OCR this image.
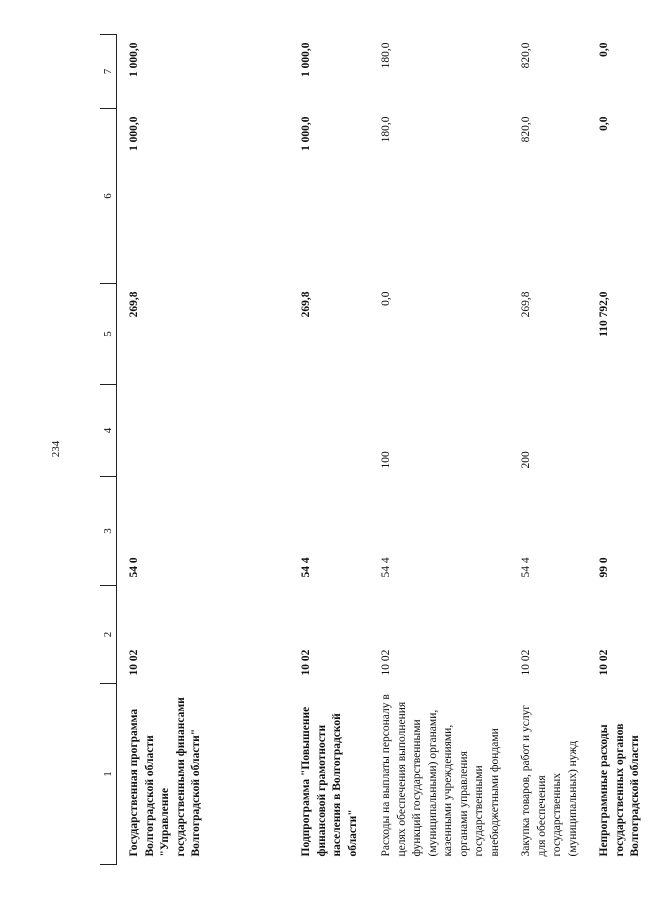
234
1	2	3	4	5	6	7
Государственная программа Волгоградской области "Управление государственными финансами Волгоградской области"	10 02	54 0		269,8	1 000,0	1 000,0
Подпрограмма "Повышение финансовой грамотности населения в Волгоградской области"	10 02	54 4		269,8	1 000,0	1 000,0
Расходы на выплаты персоналу в целях обеспечения выполнения функций государственными (муниципальными) органами, казенными учреждениями, органами управления государственными внебюджетными фондами	10 02	54 4	100	0,0	180,0	180,0
Закупка товаров, работ и услуг для обеспечения государственных (муниципальных) нужд	10 02	54 4	200	269,8	820,0	820,0
Непрограммные расходы государственных органов Волгоградской области	10 02	99 0		110 792,0	0,0	0,0
